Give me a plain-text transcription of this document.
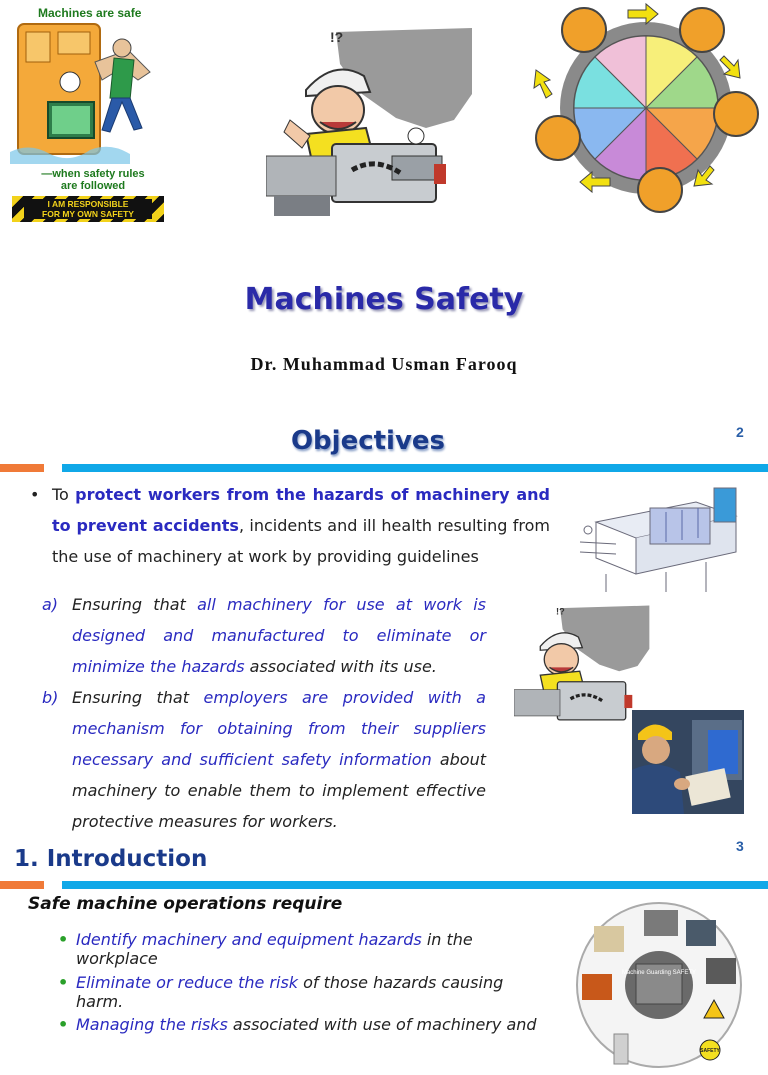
Machines are safe
—when safety rules are followed
I AM RESPONSIBLE
FOR MY OWN SAFETY
!?
Machines Safety
Dr. Muhammad Usman Farooq
Objectives	2
• To protect workers from the hazards of machinery and to prevent accidents, incidents and ill health resulting from the use of machinery at work by providing guidelines
a) Ensuring that all machinery for use at work is designed and manufactured to eliminate or minimize the hazards associated with its use.
b) Ensuring that employers are provided with a mechanism for obtaining from their suppliers necessary and sufficient safety information about machinery to enable them to implement effective protective measures for workers.
!?
1. Introduction	3
Safe machine operations require
• Identify machinery and equipment hazards in the workplace
• Eliminate or reduce the risk of those hazards causing harm.
• Managing the risks associated with use of machinery and
Machine Guarding SAFETY
SAFETY
